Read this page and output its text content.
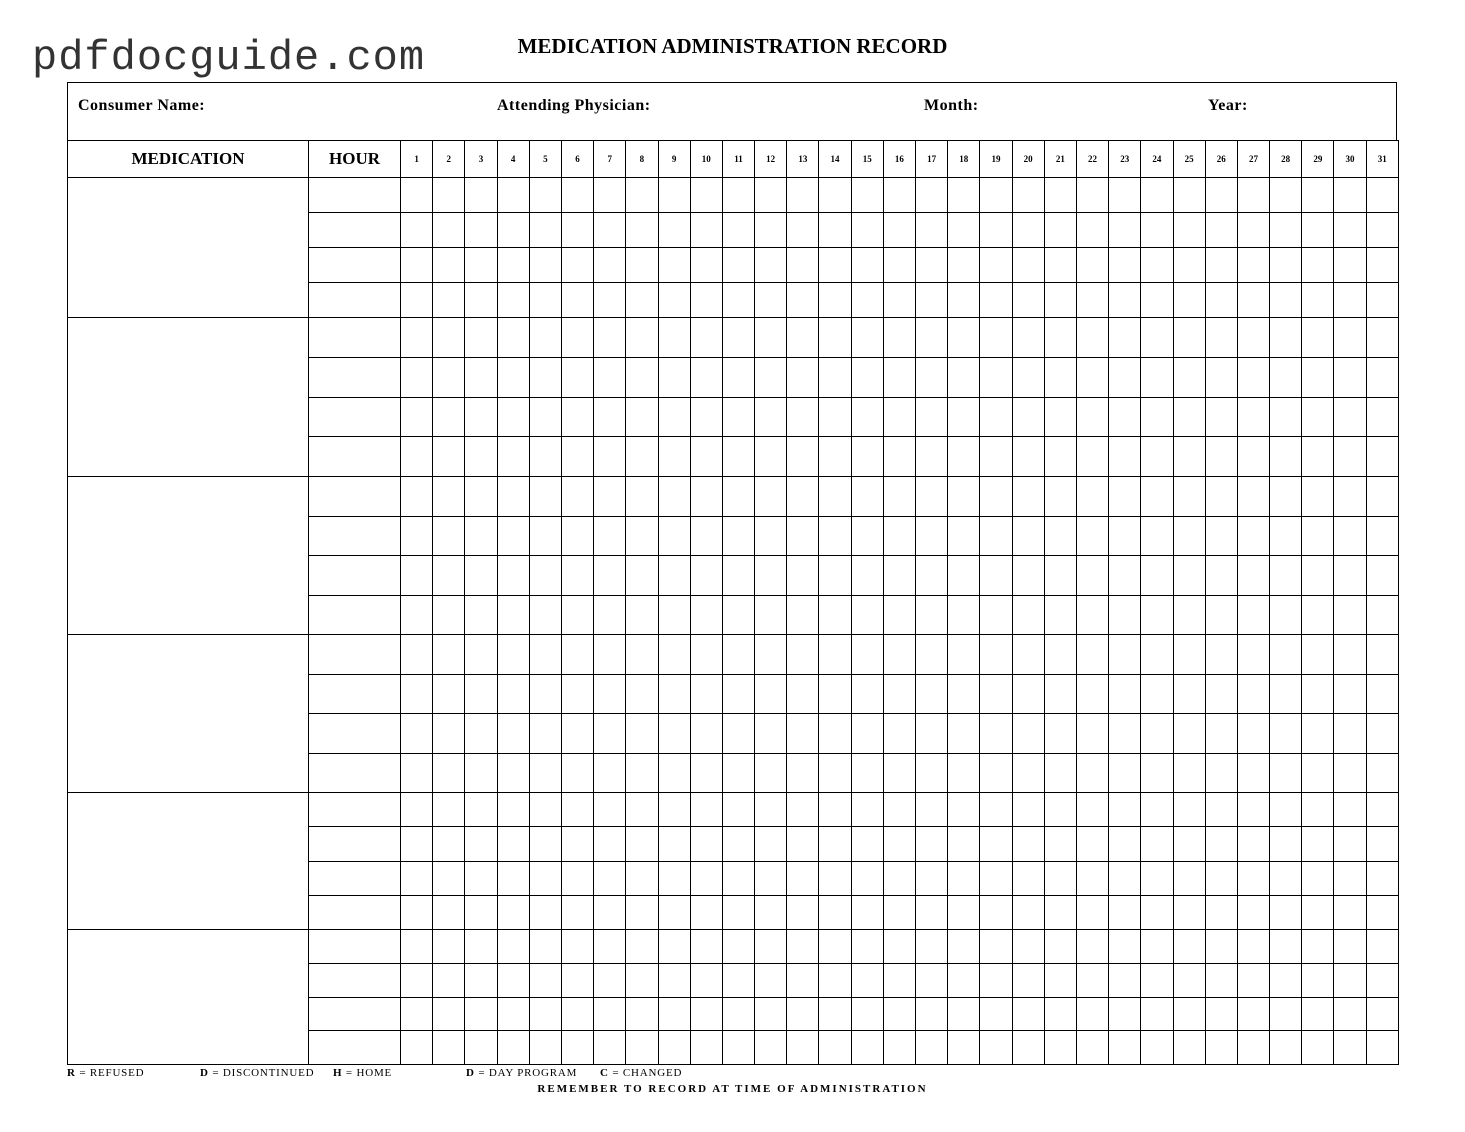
pdfdocguide.com	MEDICATION ADMINISTRATION RECORD
Consumer Name:	Attending Physician:	Month:	Year:
MEDICATION	HOUR	1	2	3	4	5	6	7	8	9	10	11	12	13	14	15	16	17	18	19	20	21	22	23	24	25	26	27	28	29	30	31

R = REFUSED	D = DISCONTINUED H = HOME	D = DAY PROGRAM C = CHANGED
REMEMBER TO RECORD AT TIME OF ADMINISTRATION
